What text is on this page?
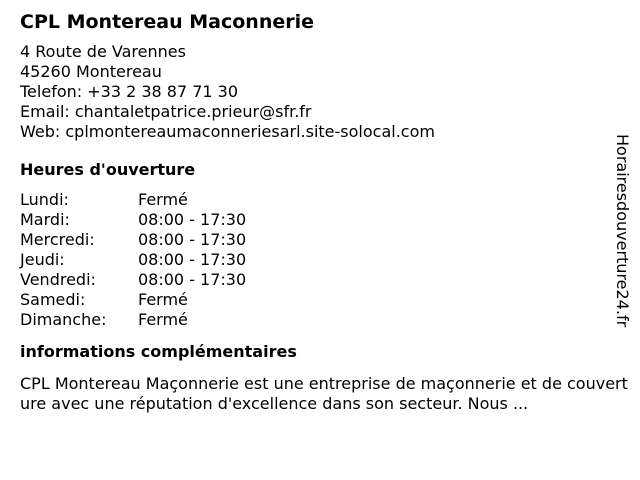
CPL Montereau Maconnerie
4 Route de Varennes
45260 Montereau
Telefon: +33 2 38 87 71 30
Email: chantaletpatrice.prieur@sfr.fr
Web: cplmontereaumaconneriesarl.site-solocal.com
Heures d'ouverture
Lundi:	Fermé
Mardi:	08:00 - 17:30
Mercredi:	08:00 - 17:30
Jeudi:	08:00 - 17:30
Vendredi:	08:00 - 17:30
Samedi:	Fermé
Dimanche:	Fermé
informations complémentaires
CPL Montereau Maçonnerie est une entreprise de maçonnerie et de couverture avec une réputation d'excellence dans son secteur. Nous ...
Horairesdouverture24.fr
